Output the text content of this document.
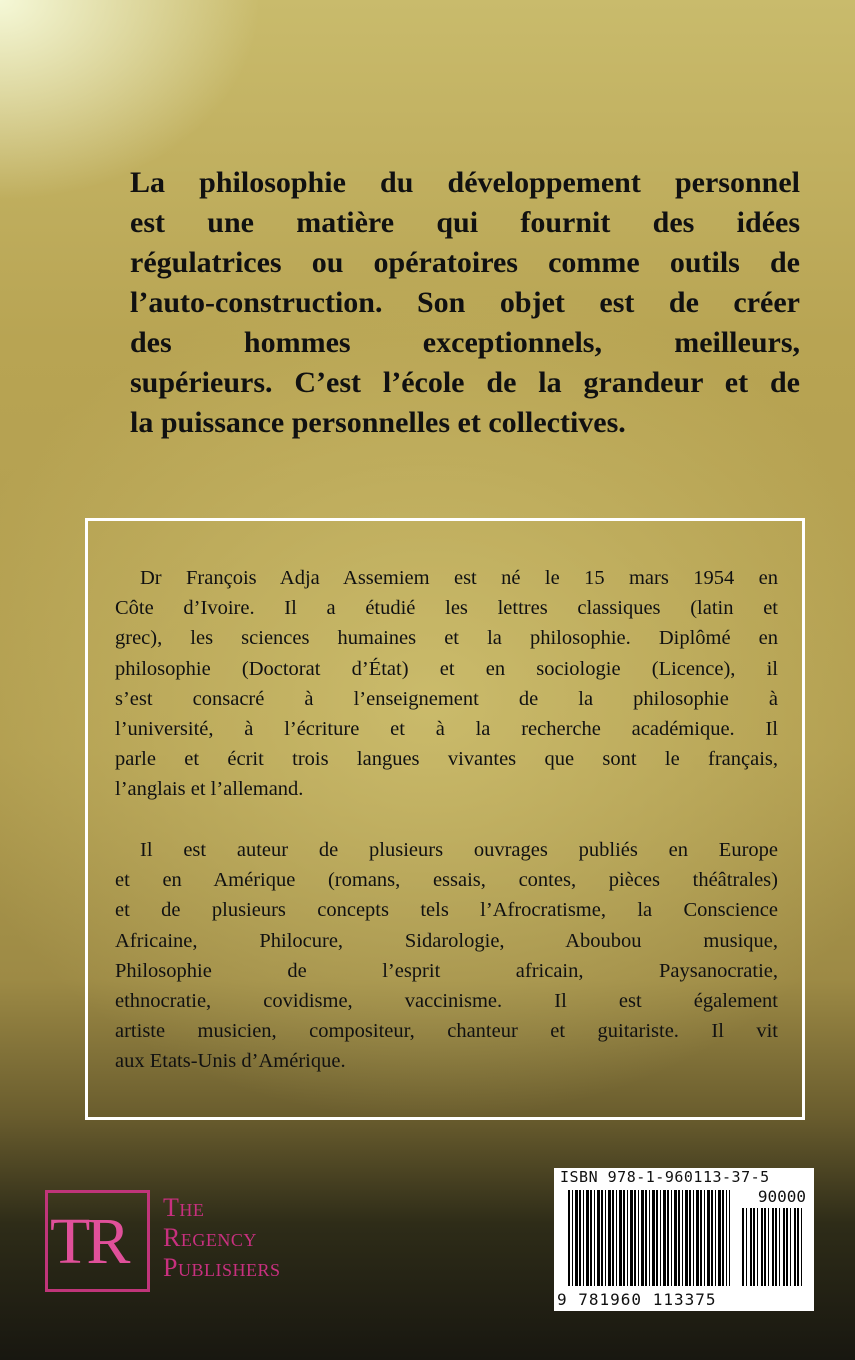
La philosophie du développement personnel
est une matière qui fournit des idées
régulatrices ou opératoires comme outils de
l’auto-construction. Son objet est de créer
des hommes exceptionnels, meilleurs,
supérieurs. C’est l’école de la grandeur et de
la puissance personnelles et collectives.
Dr François Adja Assemiem est né le 15 mars 1954 en
Côte d’Ivoire. Il a étudié les lettres classiques (latin et
grec), les sciences humaines et la philosophie. Diplômé en
philosophie (Doctorat d’État) et en sociologie (Licence), il
s’est consacré à l’enseignement de la philosophie à
l’université, à l’écriture et à la recherche académique. Il
parle et écrit trois langues vivantes que sont le français,
l’anglais et l’allemand.
Il est auteur de plusieurs ouvrages publiés en Europe
et en Amérique (romans, essais, contes, pièces théâtrales)
et de plusieurs concepts tels l’Afrocratisme, la Conscience
Africaine, Philocure, Sidarologie, Aboubou musique,
Philosophie de l’esprit africain, Paysanocratie,
ethnocratie, covidisme, vaccinisme. Il est également
artiste musicien, compositeur, chanteur et guitariste. Il vit
aux Etats-Unis d’Amérique.
TR The
Regency
Publishers
ISBN 978-1-960113-37-5
90000
9 781960 113375
